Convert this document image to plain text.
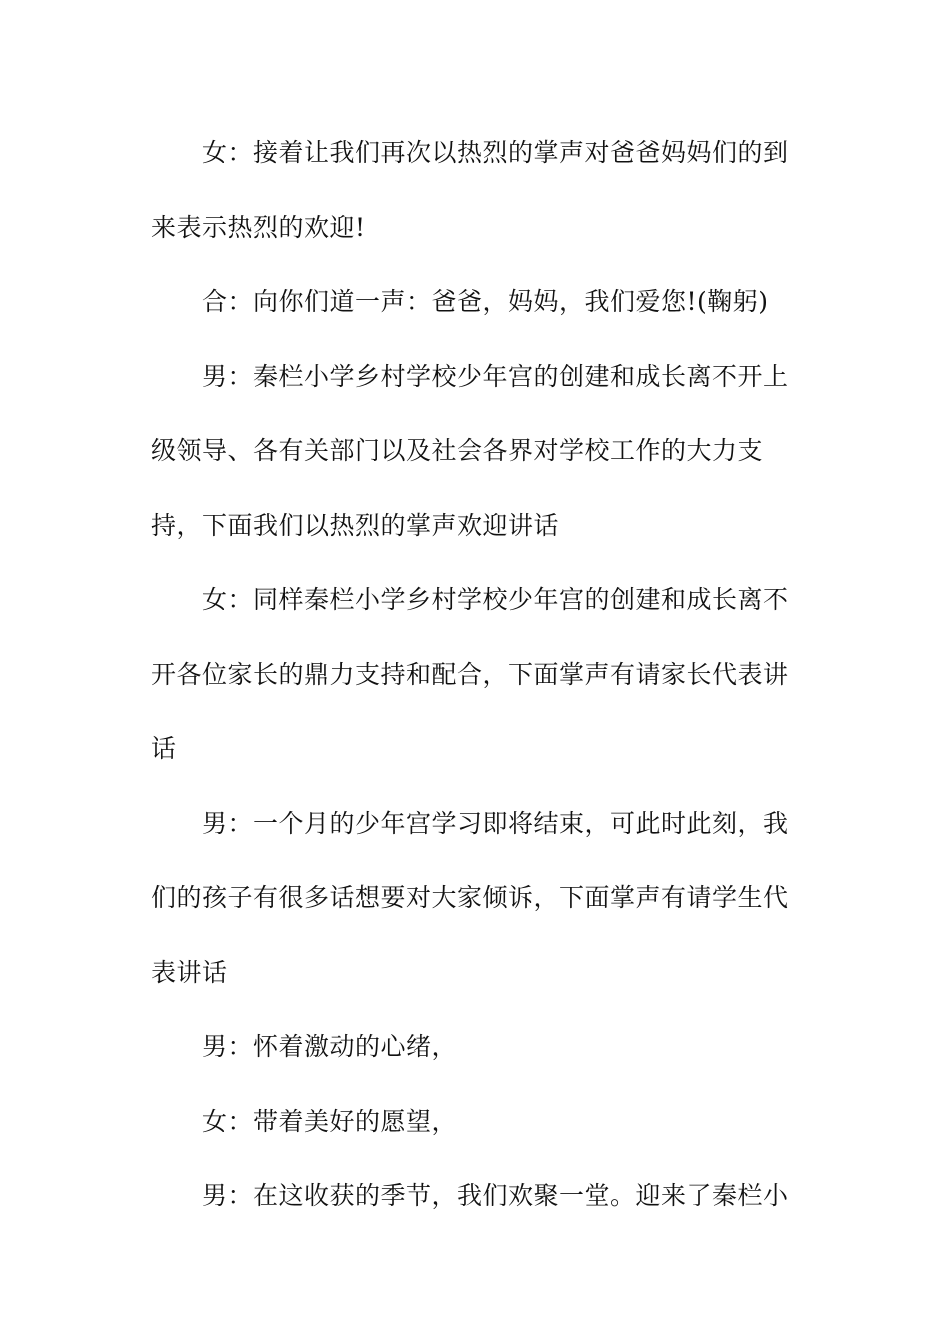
女：接着让我们再次以热烈的掌声对爸爸妈妈们的到
来表示热烈的欢迎!
合：向你们道一声：爸爸，妈妈，我们爱您!(鞠躬)
男：秦栏小学乡村学校少年宫的创建和成长离不开上
级领导、各有关部门以及社会各界对学校工作的大力支
持，下面我们以热烈的掌声欢迎讲话
女：同样秦栏小学乡村学校少年宫的创建和成长离不
开各位家长的鼎力支持和配合，下面掌声有请家长代表讲
话
男：一个月的少年宫学习即将结束，可此时此刻，我
们的孩子有很多话想要对大家倾诉，下面掌声有请学生代
表讲话
男：怀着激动的心绪，
女：带着美好的愿望，
男：在这收获的季节，我们欢聚一堂。迎来了秦栏小
